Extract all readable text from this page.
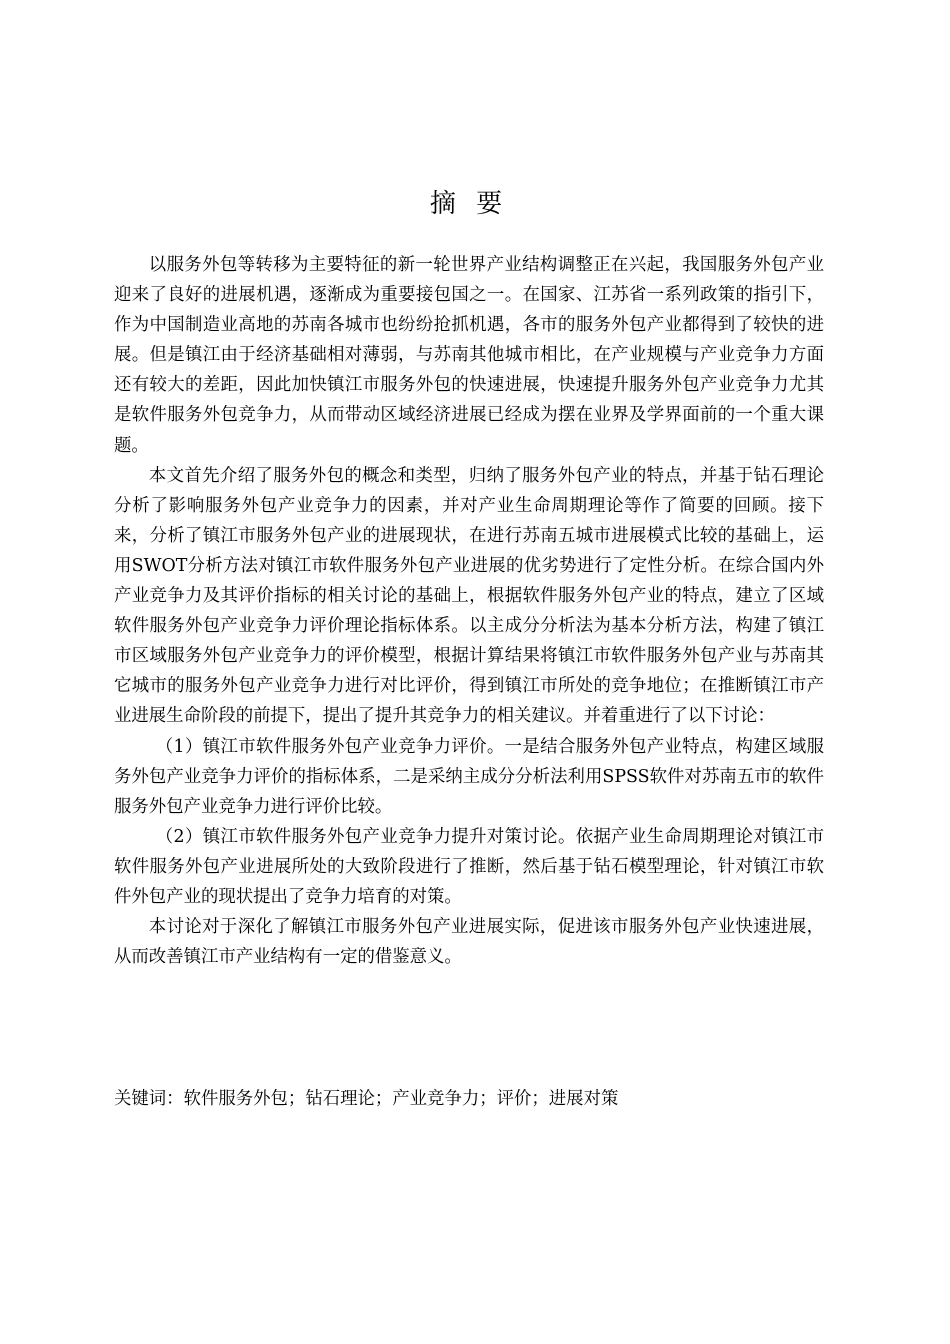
摘 要

以服务外包等转移为主要特征的新一轮世界产业结构调整正在兴起，我国服务外包产业迎来了良好的进展机遇，逐渐成为重要接包国之一。在国家、江苏省一系列政策的指引下，作为中国制造业高地的苏南各城市也纷纷抢抓机遇，各市的服务外包产业都得到了较快的进展。但是镇江由于经济基础相对薄弱，与苏南其他城市相比，在产业规模与产业竞争力方面还有较大的差距，因此加快镇江市服务外包的快速进展，快速提升服务外包产业竞争力尤其是软件服务外包竞争力，从而带动区域经济进展已经成为摆在业界及学界面前的一个重大课题。

本文首先介绍了服务外包的概念和类型，归纳了服务外包产业的特点，并基于钻石理论分析了影响服务外包产业竞争力的因素，并对产业生命周期理论等作了简要的回顾。接下来，分析了镇江市服务外包产业的进展现状，在进行苏南五城市进展模式比较的基础上，运用SWOT分析方法对镇江市软件服务外包产业进展的优劣势进行了定性分析。在综合国内外产业竞争力及其评价指标的相关讨论的基础上，根据软件服务外包产业的特点，建立了区域软件服务外包产业竞争力评价理论指标体系。以主成分分析法为基本分析方法，构建了镇江市区域服务外包产业竞争力的评价模型，根据计算结果将镇江市软件服务外包产业与苏南其它城市的服务外包产业竞争力进行对比评价，得到镇江市所处的竞争地位；在推断镇江市产业进展生命阶段的前提下，提出了提升其竞争力的相关建议。并着重进行了以下讨论：

（1）镇江市软件服务外包产业竞争力评价。一是结合服务外包产业特点，构建区域服务外包产业竞争力评价的指标体系，二是采纳主成分分析法利用SPSS软件对苏南五市的软件服务外包产业竞争力进行评价比较。

（2）镇江市软件服务外包产业竞争力提升对策讨论。依据产业生命周期理论对镇江市软件服务外包产业进展所处的大致阶段进行了推断，然后基于钻石模型理论，针对镇江市软件外包产业的现状提出了竞争力培育的对策。

本讨论对于深化了解镇江市服务外包产业进展实际，促进该市服务外包产业快速进展，从而改善镇江市产业结构有一定的借鉴意义。

关键词：软件服务外包；钻石理论；产业竞争力；评价；进展对策
